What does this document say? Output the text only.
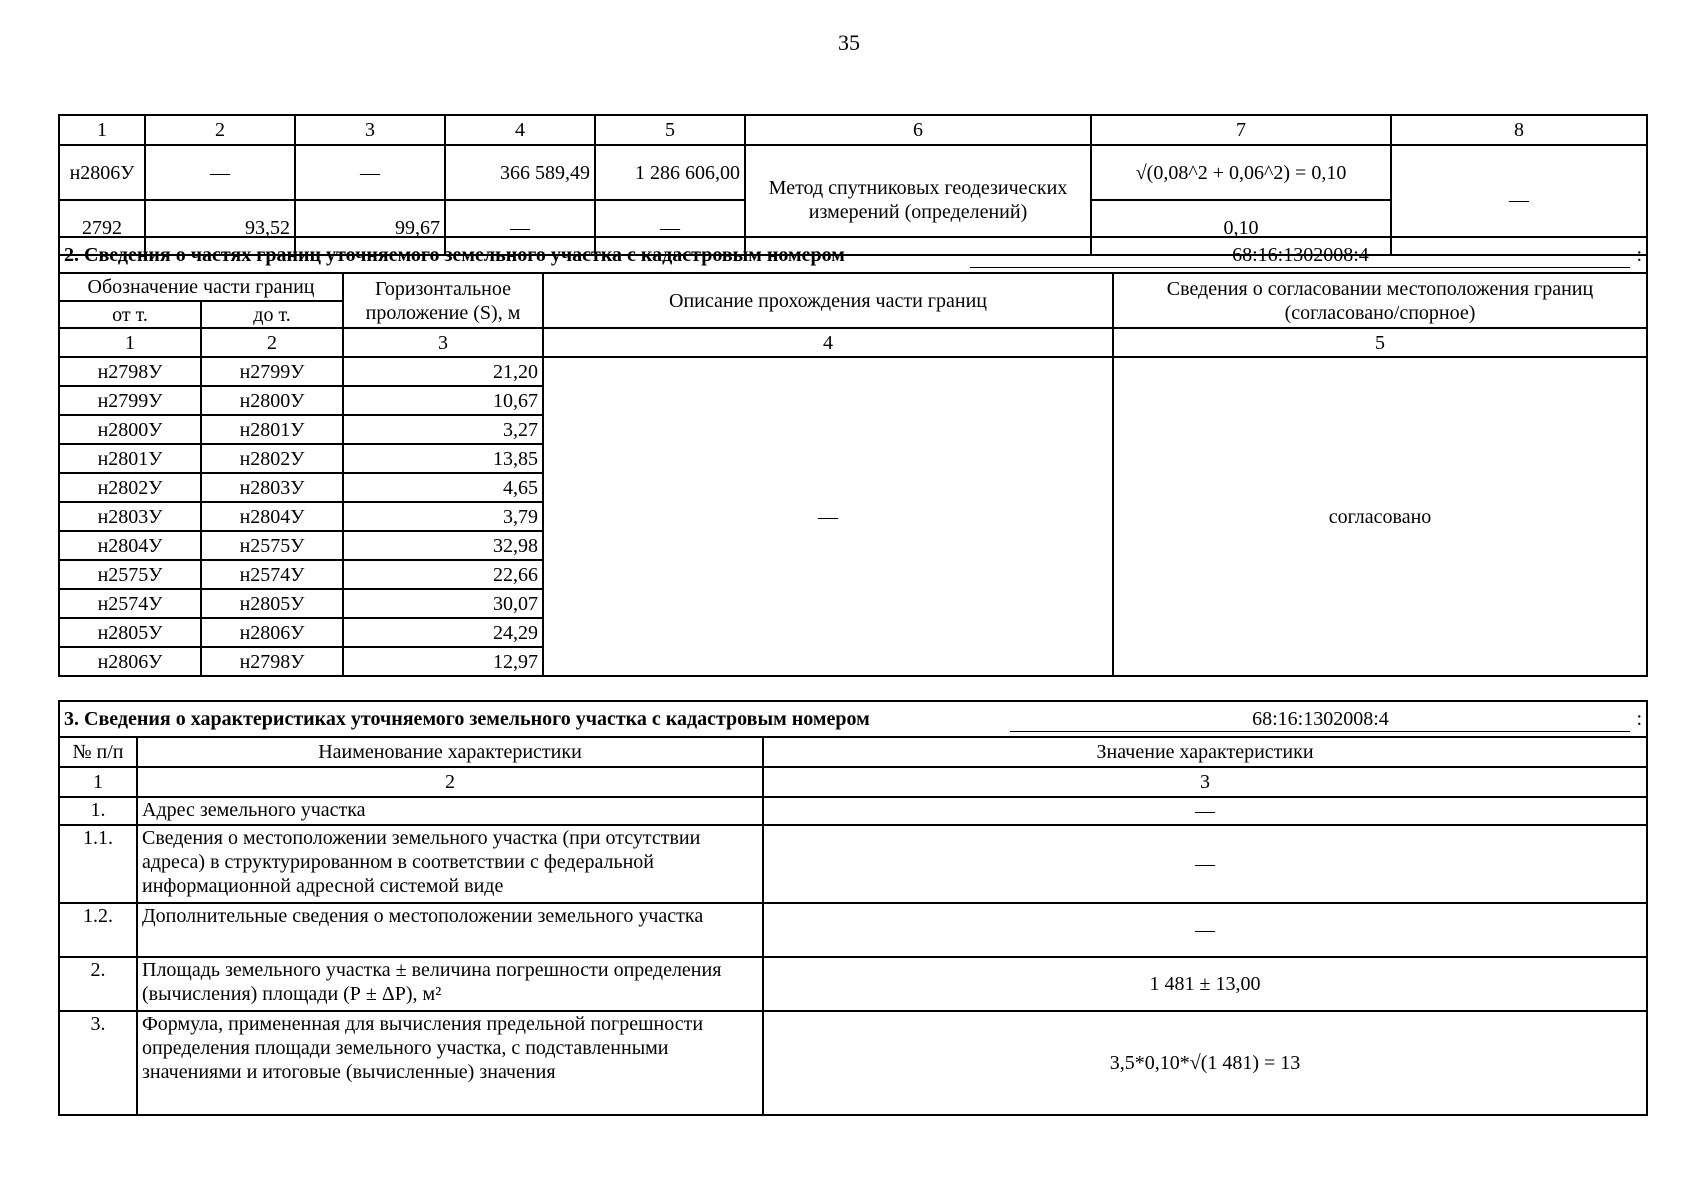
35
1	2	3	4	5	6	7	8
н2806У	—	—	366 589,49	1 286 606,00	Метод спутниковых геодезических измерений (определений)	√(0,08^2 + 0,06^2) = 0,10	—
2792	93,52	99,67	—	—		0,10	
2. Сведения о частях границ уточняемого земельного участка с кадастровым номером :
68:16:1302008:4				

Обозначение части границ		Горизонтальное проложение (S), м	Описание прохождения части границ	Сведения о согласовании местоположения границ (согласовано/спорное)
от т.	до т.			
1	2	3	4	5
н2798У	н2799У	21,20	—	согласовано
н2799У	н2800У	10,67		
н2800У	н2801У	3,27		
н2801У	н2802У	13,85		
н2802У	н2803У	4,65		
н2803У	н2804У	3,79		
н2804У	н2575У	32,98		
н2575У	н2574У	22,66		
н2574У	н2805У	30,07		
н2805У	н2806У	24,29		
н2806У	н2798У	12,97		
3. Сведения о характеристиках уточняемого земельного участка с кадастровым номером :
68:16:1302008:4		

№ п/п	Наименование характеристики	Значение характеристики
1	2	3
1.	Адрес земельного участка	—
1.1.	Сведения о местоположении земельного участка (при отсутствии адреса) в структурированном в соответствии с федеральной информационной адресной системой виде	—
1.2.	Дополнительные сведения о местоположении земельного участка	—
2.	Площадь земельного участка ± величина погрешности определения (вычисления) площади (Р ± ΔР), м²	1 481 ± 13,00
3.	Формула, примененная для вычисления предельной погрешности определения площади земельного участка, с подставленными значениями и итоговые (вычисленные) значения	3,5*0,10*√(1 481) = 13
